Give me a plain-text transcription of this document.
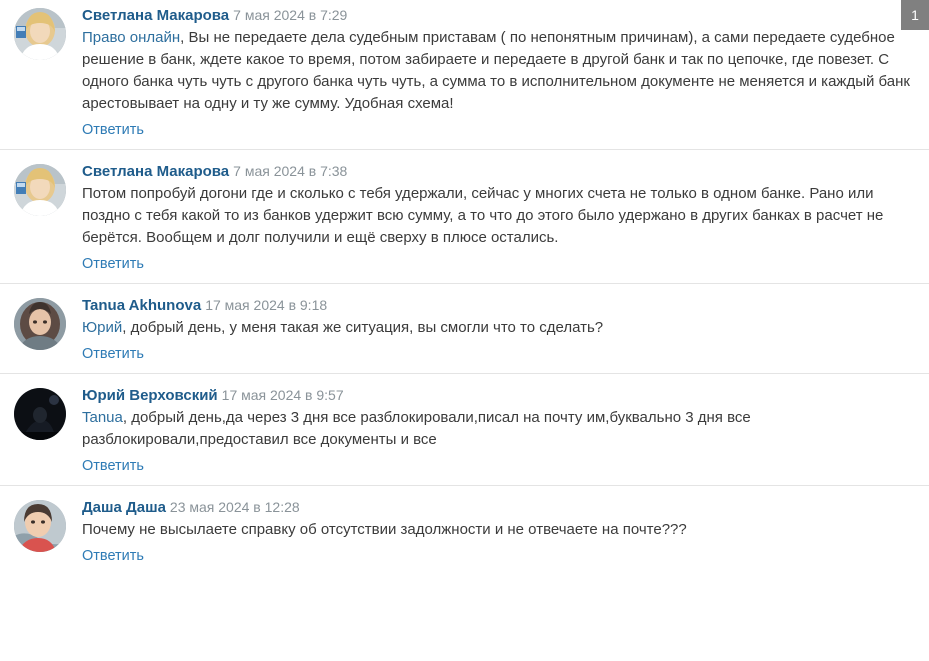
Светлана Макарова 7 мая 2024 в 7:29
Право онлайн, Вы не передаете дела судебным приставам ( по непонятным причинам), а сами передаете судебное решение в банк, ждете какое то время, потом забираете и передаете в другой банк и так по цепочке, где повезет. С одного банка чуть чуть с другого банка чуть чуть, а сумма то в исполнительном документе не меняется и каждый банк арестовывает на одну и ту же сумму. Удобная схема!
Ответить
Светлана Макарова 7 мая 2024 в 7:38
Потом попробуй догони где и сколько с тебя удержали, сейчас у многих счета не только в одном банке. Рано или поздно с тебя какой то из банков удержит всю сумму, а то что до этого было удержано в других банках в расчет не берётся. Вообщем и долг получили и ещё сверху в плюсе остались.
Ответить
Tanua Akhunova 17 мая 2024 в 9:18
Юрий, добрый день, у меня такая же ситуация, вы смогли что то сделать?
Ответить
Юрий Верховский 17 мая 2024 в 9:57
Tanua, добрый день,да через 3 дня все разблокировали,писал на почту им,буквально 3 дня все разблокировали,предоставил все документы и все
Ответить
Даша Даша 23 мая 2024 в 12:28
Почему не высылаете справку об отсутствии задолжности и не отвечаете на почте???
Ответить
1
